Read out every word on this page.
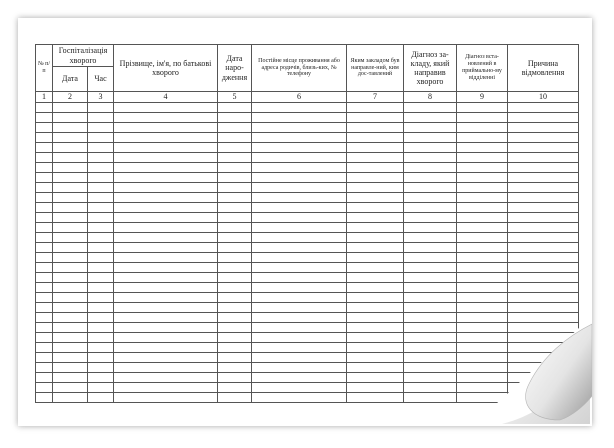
№ п/п	Госпіталізація хворого		Прізвище, ім'я, по батькові хворого	Дата наро-дження	Постійне місце проживання або адреса родичів, близь-ких, № телефону	Яким закладом був направле-ний, ким дос-тавлений	Діагноз за-кладу, який направив хворого	Діагноз вста-новлений в приймально-му відділенні	Причина відмовлення
	Дата	Час							
1	2	3	4	5	6	7	8	9	10
